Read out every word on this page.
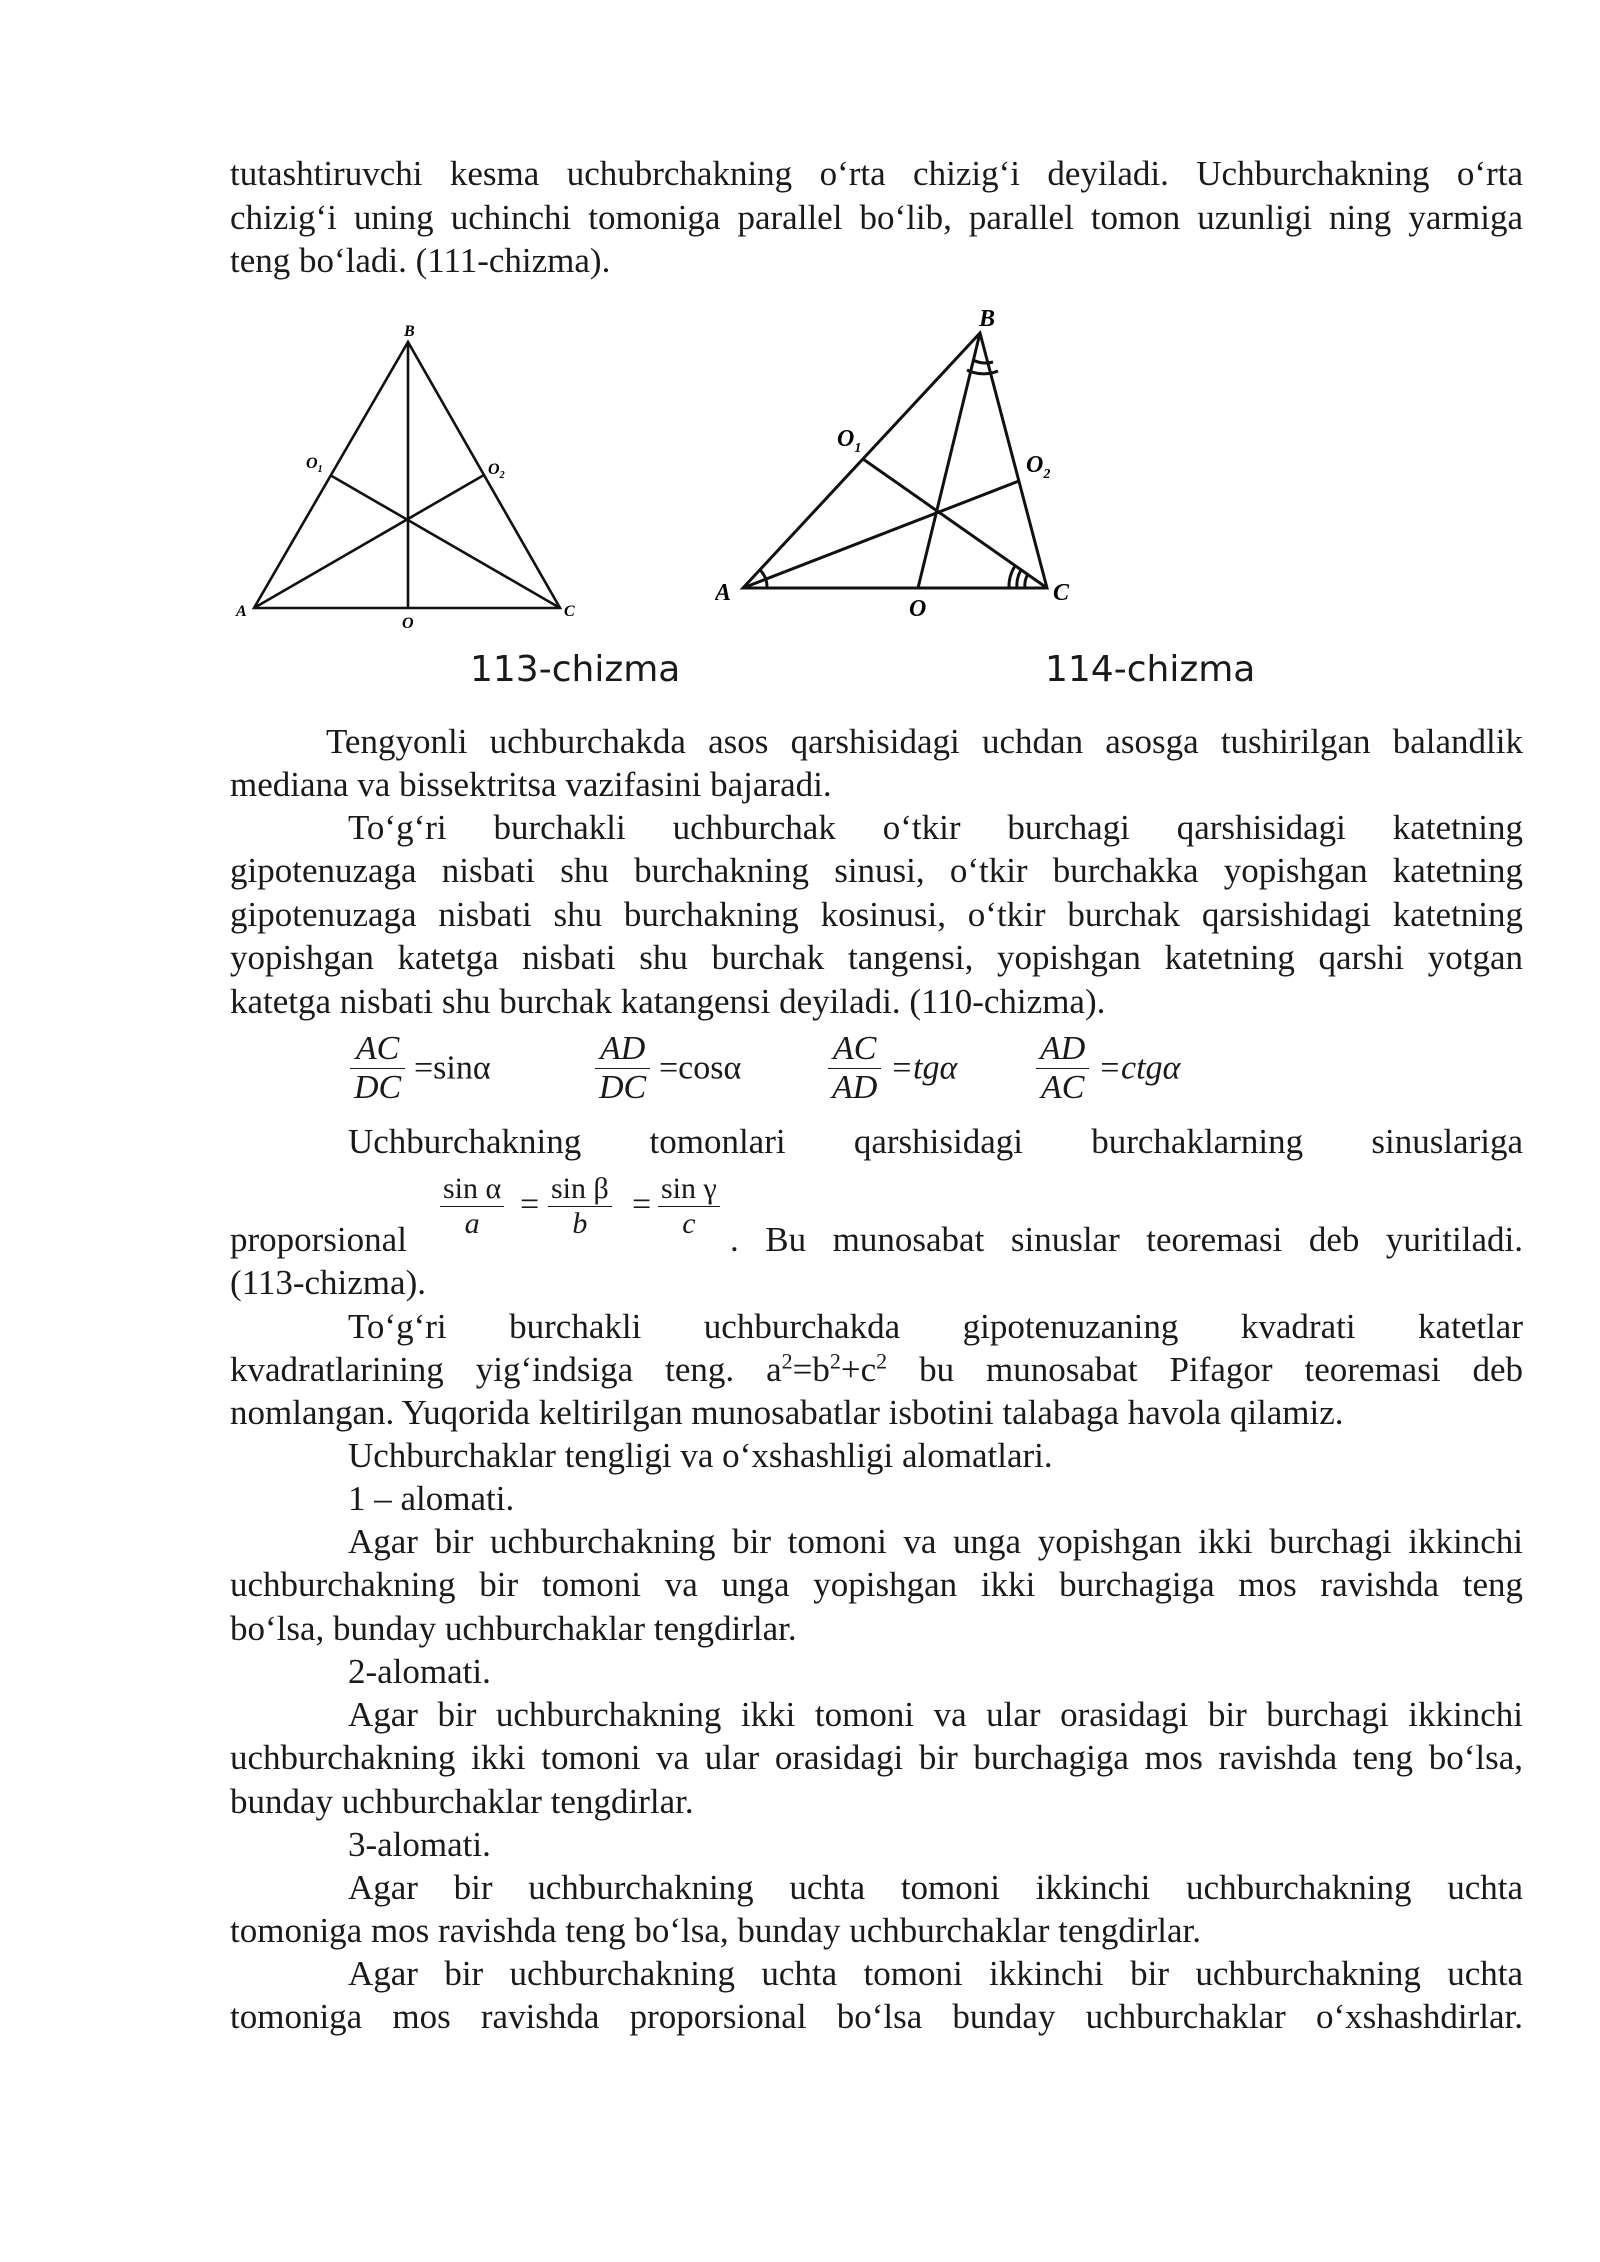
tutashtiruvchi kesma uchubrchakning o‘rta chizig‘i deyiladi. Uchburchakning o‘rta
chizig‘i uning uchinchi tomoniga parallel bo‘lib, parallel tomon uzunligi ning yarmiga
teng bo‘ladi. (111-chizma).

B
A	C
O
$O_1$	$O_2$
113-chizma
B
A	C
O
$O_1$
$O_2$
114-chizma

Tengyonli uchburchakda asos qarshisidagi uchdan asosga tushirilgan balandlik

mediana va bissektritsa vazifasini bajaradi.

To‘g‘ri burchakli uchburchak o‘tkir burchagi qarshisidagi katetning

gipotenuzaga nisbati shu burchakning sinusi, o‘tkir burchakka yopishgan katetning
gipotenuzaga nisbati shu burchakning kosinusi, o‘tkir burchak qarsishidagi katetning
yopishgan katetga nisbati shu burchak tangensi, yopishgan katetning qarshi yotgan
katetga nisbati shu burchak katangensi deyiladi. (110-chizma).

$\frac{AC}{DC} =\sin\alpha$	$\frac{AD}{DC} =\cos\alpha$	$\frac{AC}{AD} =tg\alpha \frac{AD}{AC} =ctg\alpha$

Uchburchakning tomonlari qarshisidagi burchaklarning sinuslariga

sin α
a
= sin β
b
= sin γ
c
proporsional	. Bu munosabat sinuslar teoremasi deb yuritiladi.

(113-chizma).

To‘g‘ri burchakli uchburchakda gipotenuzaning kvadrati katetlar

kvadratlarining yig‘indsiga teng. $a^2=b^2+c^2$ bu munosabat Pifagor teoremasi deb

nomlangan. Yuqorida keltirilgan munosabatlar isbotini talabaga havola qilamiz.

Uchburchaklar tengligi va o‘xshashligi alomatlari.

1 – alomati.

Agar bir uchburchakning bir tomoni va unga yopishgan ikki burchagi ikkinchi

uchburchakning bir tomoni va unga yopishgan ikki burchagiga mos ravishda teng
bo‘lsa, bunday uchburchaklar tengdirlar.

2-alomati.

Agar bir uchburchakning ikki tomoni va ular orasidagi bir burchagi ikkinchi

uchburchakning ikki tomoni va ular orasidagi bir burchagiga mos ravishda teng bo‘lsa,
bunday uchburchaklar tengdirlar.

3-alomati.

Agar bir uchburchakning uchta tomoni ikkinchi uchburchakning uchta

tomoniga mos ravishda teng bo‘lsa, bunday uchburchaklar tengdirlar.

Agar bir uchburchakning uchta tomoni ikkinchi bir uchburchakning uchta

tomoniga mos ravishda proporsional bo‘lsa bunday uchburchaklar o‘xshashdirlar.
